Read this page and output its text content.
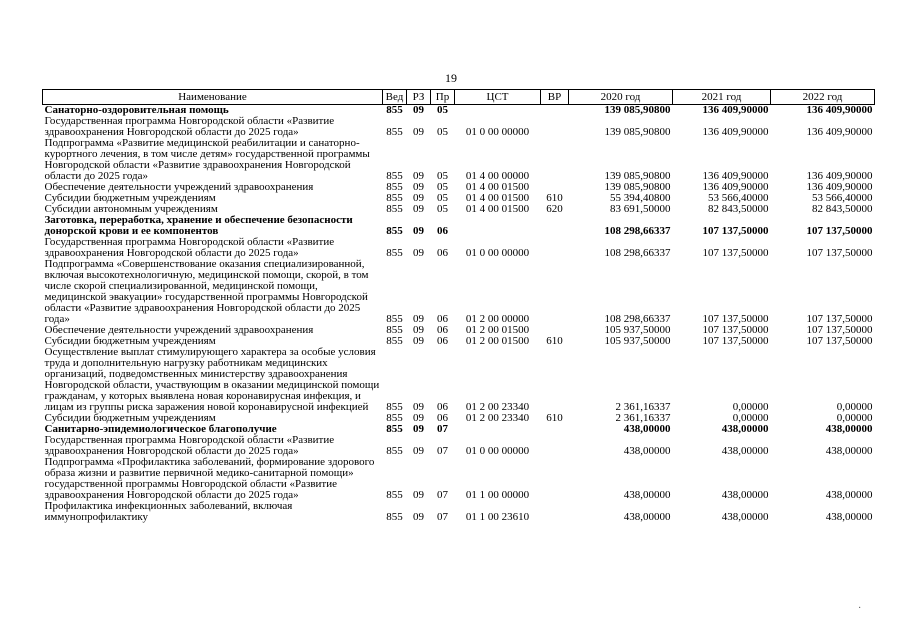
19
Наименование	Вед	РЗ	Пр	ЦСТ	ВР	2020 год	2021 год	2022 год
Санаторно-оздоровительная помощь	855	09	05			139 085,90800	136 409,90000	136 409,90000
Государственная программа Новгородской области «Развитие здравоохранения Новгородской области до 2025 года»	855	09	05	01 0 00 00000		139 085,90800	136 409,90000	136 409,90000
Подпрограмма «Развитие медицинской реабилитации и санаторно-курортного лечения, в том числе детям» государственной программы Новгородской области «Развитие здравоохранения Новгородской области до 2025 года»	855	09	05	01 4 00 00000		139 085,90800	136 409,90000	136 409,90000
Обеспечение деятельности учреждений здравоохранения	855	09	05	01 4 00 01500		139 085,90800	136 409,90000	136 409,90000
Субсидии бюджетным учреждениям	855	09	05	01 4 00 01500	610	55 394,40800	53 566,40000	53 566,40000
Субсидии автономным учреждениям	855	09	05	01 4 00 01500	620	83 691,50000	82 843,50000	82 843,50000
Заготовка, переработка, хранение и обеспечение безопасности донорской крови и ее компонентов	855	09	06			108 298,66337	107 137,50000	107 137,50000
Государственная программа Новгородской области «Развитие здравоохранения Новгородской области до 2025 года»	855	09	06	01 0 00 00000		108 298,66337	107 137,50000	107 137,50000
Подпрограмма «Совершенствование оказания специализированной, включая высокотехнологичную, медицинской помощи, скорой, в том числе скорой специализированной, медицинской помощи, медицинской эвакуации» государственной программы Новгородской области «Развитие здравоохранения Новгородской области до 2025 года»	855	09	06	01 2 00 00000		108 298,66337	107 137,50000	107 137,50000
Обеспечение деятельности учреждений здравоохранения	855	09	06	01 2 00 01500		105 937,50000	107 137,50000	107 137,50000
Субсидии бюджетным учреждениям	855	09	06	01 2 00 01500	610	105 937,50000	107 137,50000	107 137,50000
Осуществление выплат стимулирующего характера за особые условия труда и дополнительную нагрузку работникам медицинских организаций, подведомственных министерству здравоохранения Новгородской области, участвующим в оказании медицинской помощи гражданам, у которых выявлена новая коронавирусная инфекция, и лицам из группы риска заражения новой коронавирусной инфекцией	855	09	06	01 2 00 23340		2 361,16337	0,00000	0,00000
Субсидии бюджетным учреждениям	855	09	06	01 2 00 23340	610	2 361,16337	0,00000	0,00000
Санитарно-эпидемиологическое благополучие	855	09	07			438,00000	438,00000	438,00000
Государственная программа Новгородской области «Развитие здравоохранения Новгородской области до 2025 года»	855	09	07	01 0 00 00000		438,00000	438,00000	438,00000
Подпрограмма «Профилактика заболеваний, формирование здорового образа жизни и развитие первичной медико-санитарной помощи» государственной программы Новгородской области «Развитие здравоохранения Новгородской области до 2025 года»	855	09	07	01 1 00 00000		438,00000	438,00000	438,00000
Профилактика инфекционных заболеваний, включая иммунопрофилактику	855	09	07	01 1 00 23610		438,00000	438,00000	438,00000
·
